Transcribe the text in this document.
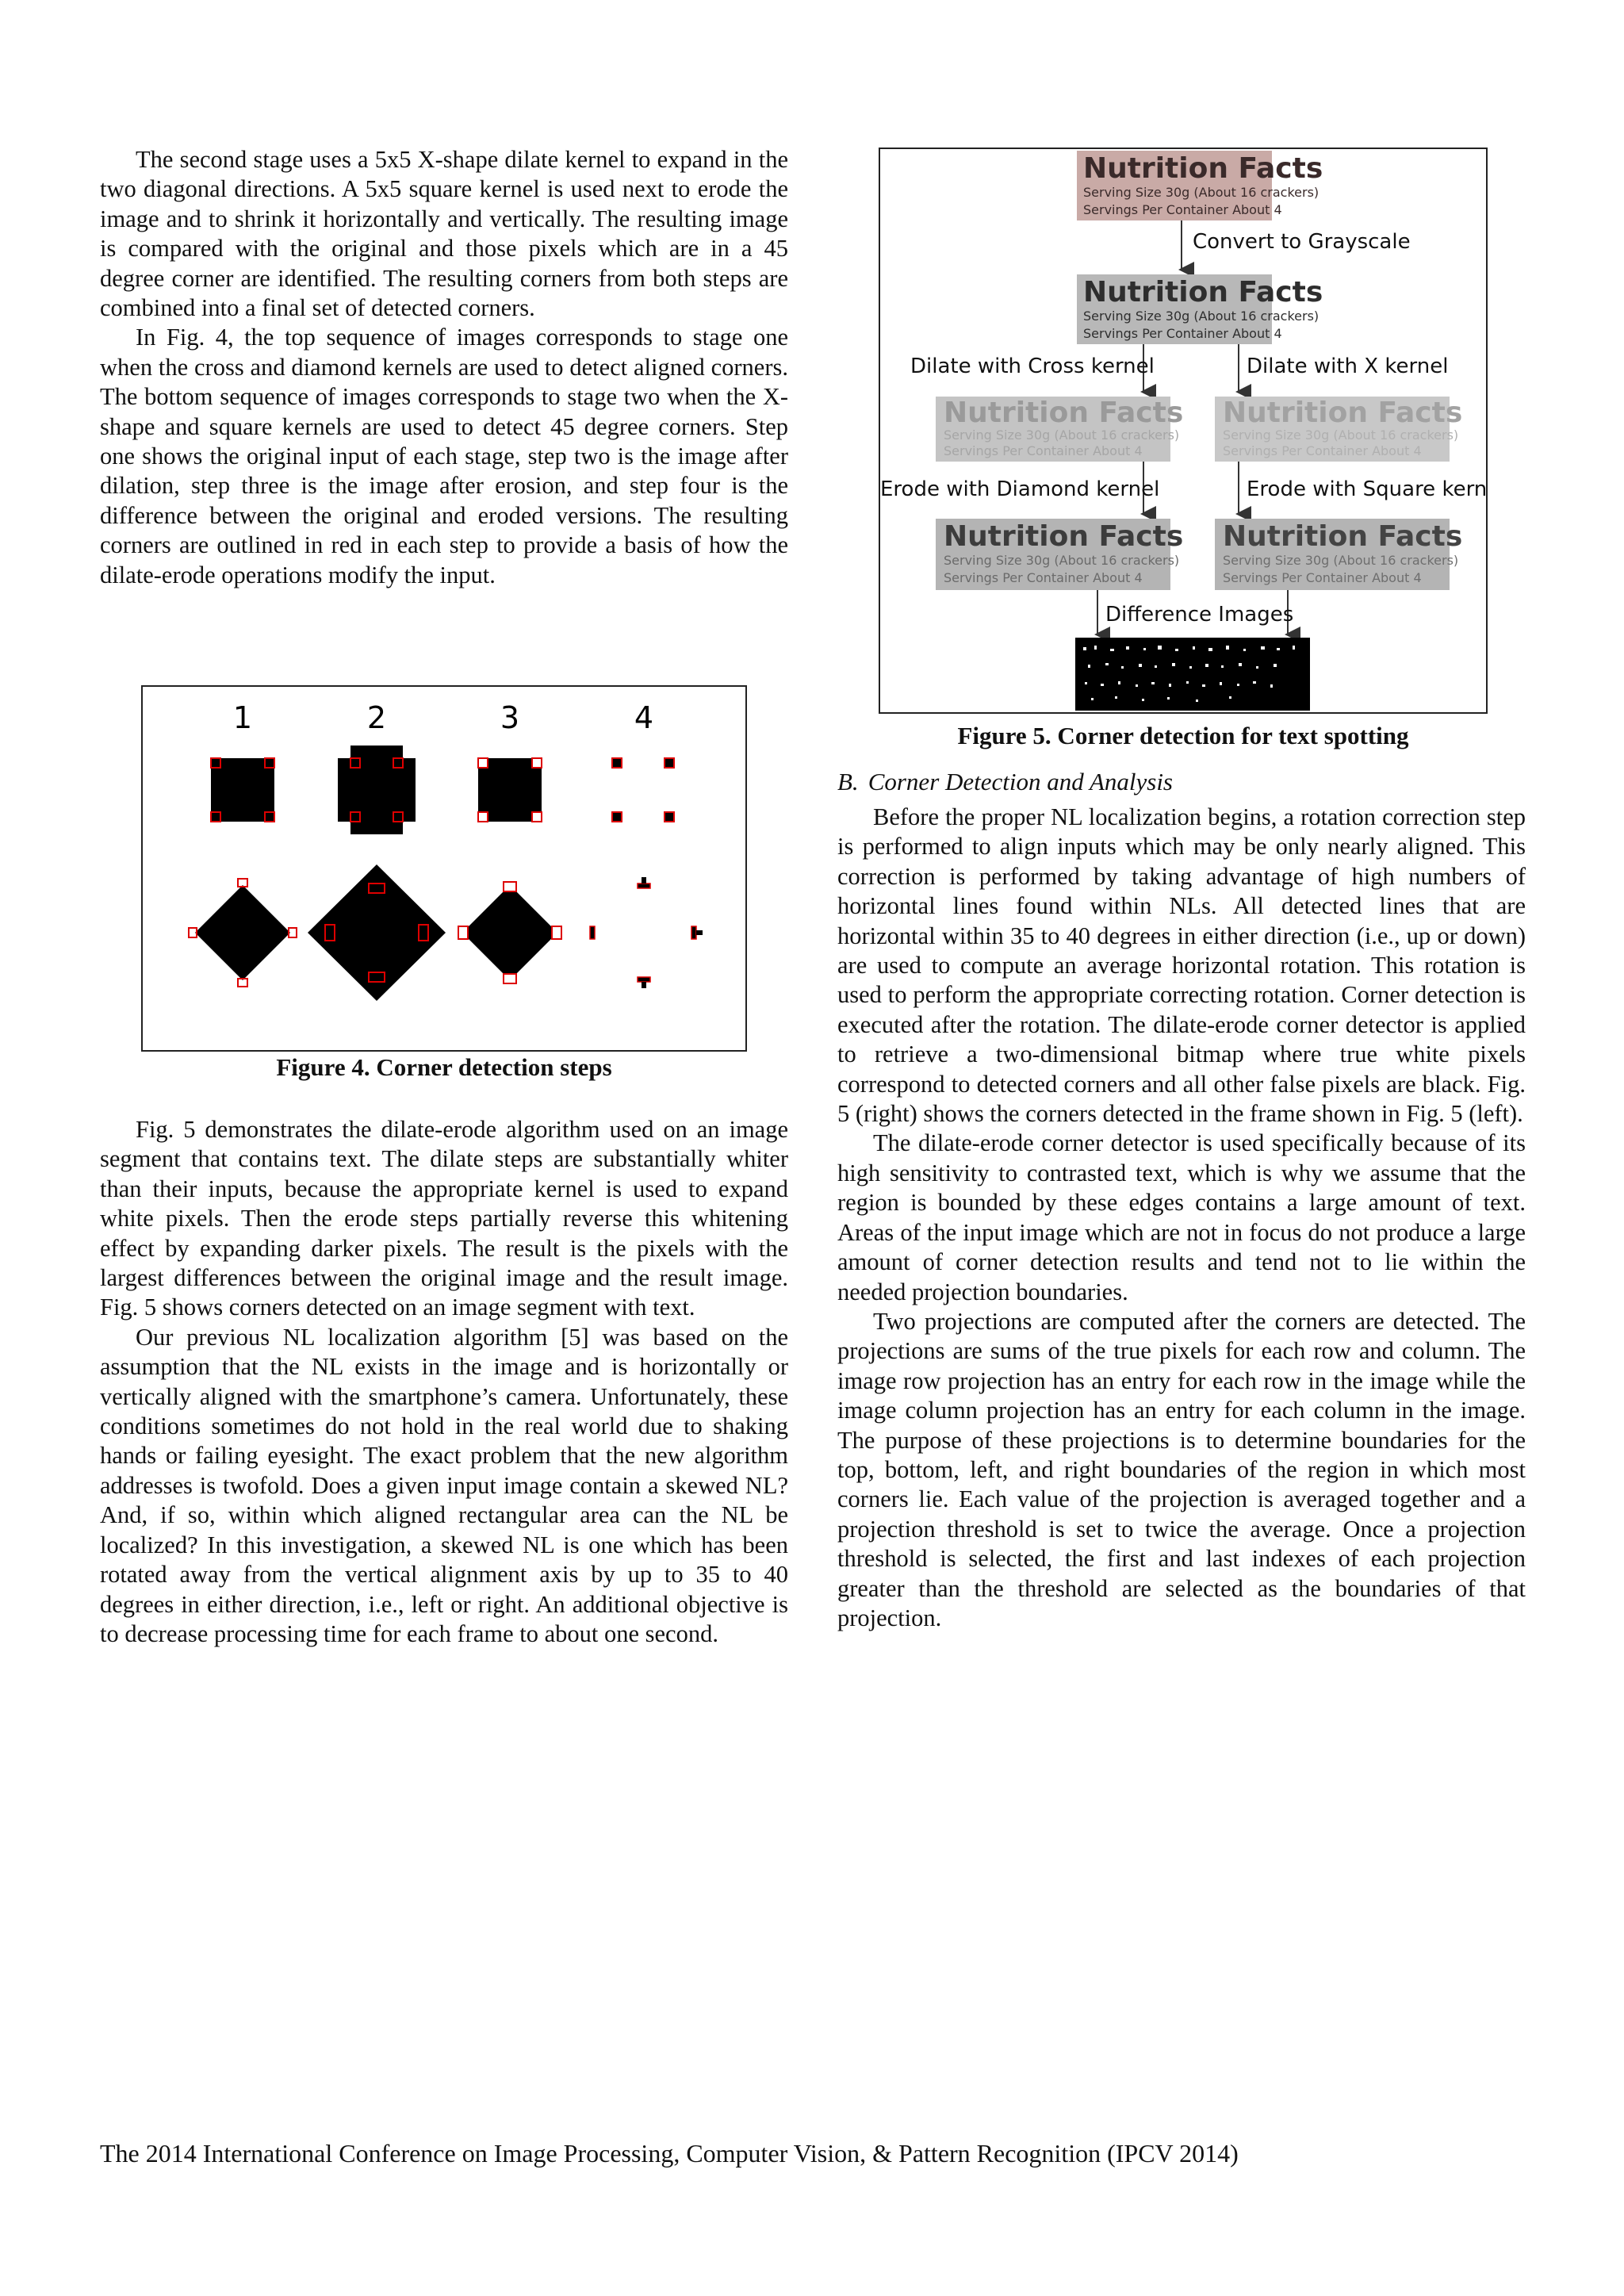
The second stage uses a 5x5 X-shape dilate kernel to expand in the two diagonal directions. A 5x5 square kernel is used next to erode the image and to shrink it horizontally and vertically. The resulting image is compared with the original and those pixels which are in a 45 degree corner are identified. The resulting corners from both steps are combined into a final set of detected corners.

In Fig. 4, the top sequence of images corresponds to stage one when the cross and diamond kernels are used to detect aligned corners. The bottom sequence of images corresponds to stage two when the X-shape and square kernels are used to detect 45 degree corners. Step one shows the original input of each stage, step two is the image after dilation, step three is the image after erosion, and step four is the difference between the original and eroded versions. The resulting corners are outlined in red in each step to provide a basis of how the dilate-erode operations modify the input.

1	2	3	4
Figure 4. Corner detection steps

Fig. 5 demonstrates the dilate-erode algorithm used on an image segment that contains text. The dilate steps are substantially whiter than their inputs, because the appropriate kernel is used to expand white pixels. Then the erode steps partially reverse this whitening effect by expanding darker pixels. The result is the pixels with the largest differences between the original image and the result image. Fig. 5 shows corners detected on an image segment with text.

Our previous NL localization algorithm [5] was based on the assumption that the NL exists in the image and is horizontally or vertically aligned with the smartphone’s camera. Unfortunately, these conditions sometimes do not hold in the real world due to shaking hands or failing eyesight. The exact problem that the new algorithm addresses is twofold. Does a given input image contain a skewed NL? And, if so, within which aligned rectangular area can the NL be localized? In this investigation, a skewed NL is one which has been rotated away from the vertical alignment axis by up to 35 to 40 degrees in either direction, i.e., left or right. An additional objective is to decrease processing time for each frame to about one second.

Nutrition Facts
Serving Size 30g (About 16 crackers)
Servings Per Container About 4
Convert to Grayscale
Nutrition Facts
Serving Size 30g (About 16 crackers)
Servings Per Container About 4
Dilate with Cross kernel	Dilate with X kernel
Nutrition Facts
Serving Size 30g (About 16 crackers)
Servings Per Container About 4
Nutrition Facts
Serving Size 30g (About 16 crackers)
Servings Per Container About 4
Erode with Diamond kernel	Erode with Square kernel
Nutrition Facts
Serving Size 30g (About 16 crackers)
Servings Per Container About 4
Nutrition Facts
Serving Size 30g (About 16 crackers)
Servings Per Container About 4
Difference Images
Figure 5. Corner detection for text spotting
B. Corner Detection and Analysis

Before the proper NL localization begins, a rotation correction step is performed to align inputs which may be only nearly aligned. This correction is performed by taking advantage of high numbers of horizontal lines found within NLs. All detected lines that are horizontal within 35 to 40 degrees in either direction (i.e., up or down) are used to compute an average horizontal rotation. This rotation is used to perform the appropriate correcting rotation. Corner detection is executed after the rotation. The dilate-erode corner detector is applied to retrieve a two-dimensional bitmap where true white pixels correspond to detected corners and all other false pixels are black. Fig. 5 (right) shows the corners detected in the frame shown in Fig. 5 (left).

The dilate-erode corner detector is used specifically because of its high sensitivity to contrasted text, which is why we assume that the region is bounded by these edges contains a large amount of text. Areas of the input image which are not in focus do not produce a large amount of corner detection results and tend not to lie within the needed projection boundaries.

Two projections are computed after the corners are detected. The projections are sums of the true pixels for each row and column. The image row projection has an entry for each row in the image while the image column projection has an entry for each column in the image. The purpose of these projections is to determine boundaries for the top, bottom, left, and right boundaries of the region in which most corners lie. Each value of the projection is averaged together and a projection threshold is set to twice the average. Once a projection threshold is selected, the first and last indexes of each projection greater than the threshold are selected as the boundaries of that projection.

The 2014 International Conference on Image Processing, Computer Vision, & Pattern Recognition (IPCV 2014)
